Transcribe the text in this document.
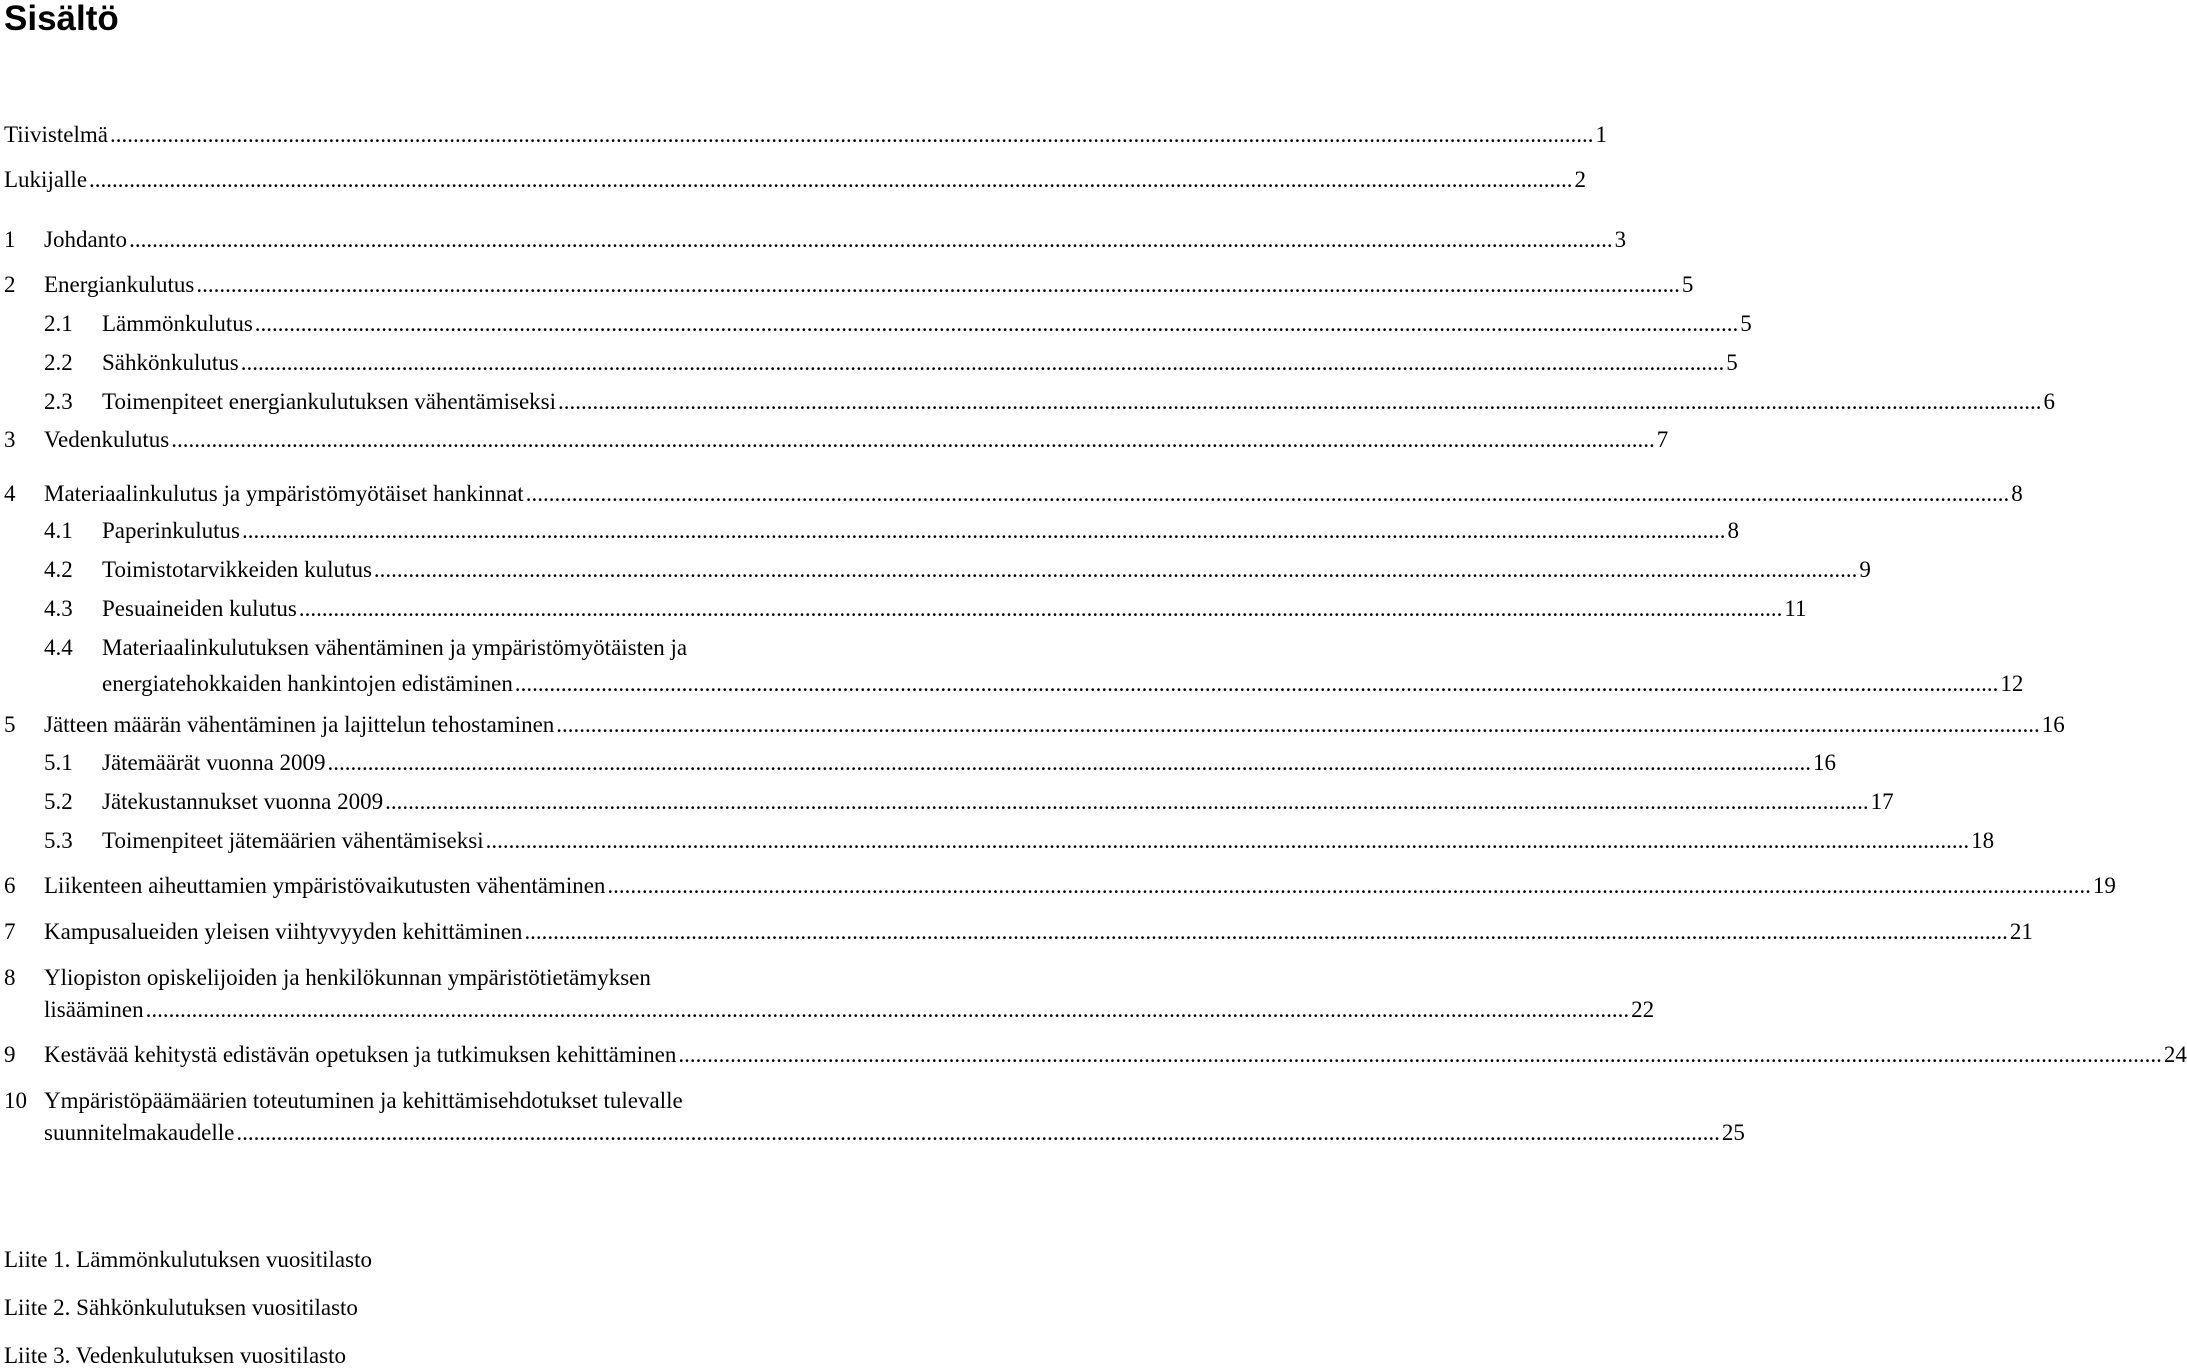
Sisältö
Tiivistelmä .................................................................................................................................................................................................................................................................. 1
Lukijalle .................................................................................................................................................................................................................................................................. 2
1 Johdanto .................................................................................................................................................................................................................................................................. 3
2 Energiankulutus .................................................................................................................................................................................................................................................................. 5
2.1 Lämmönkulutus .................................................................................................................................................................................................................................................................. 5
2.2 Sähkönkulutus .................................................................................................................................................................................................................................................................. 5
2.3 Toimenpiteet energiankulutuksen vähentämiseksi .................................................................................................................................................................................................................................................................. 6
3 Vedenkulutus .................................................................................................................................................................................................................................................................. 7
4 Materiaalinkulutus ja ympäristömyötäiset hankinnat .................................................................................................................................................................................................................................................................. 8
4.1 Paperinkulutus .................................................................................................................................................................................................................................................................. 8
4.2 Toimistotarvikkeiden kulutus .................................................................................................................................................................................................................................................................. 9
4.3 Pesuaineiden kulutus .................................................................................................................................................................................................................................................................. 11
4.4 Materiaalinkulutuksen vähentäminen ja ympäristömyötäisten ja
energiatehokkaiden hankintojen edistäminen .................................................................................................................................................................................................................................................................. 12
5 Jätteen määrän vähentäminen ja lajittelun tehostaminen .................................................................................................................................................................................................................................................................. 16
5.1 Jätemäärät vuonna 2009 .................................................................................................................................................................................................................................................................. 16
5.2 Jätekustannukset vuonna 2009 .................................................................................................................................................................................................................................................................. 17
5.3 Toimenpiteet jätemäärien vähentämiseksi .................................................................................................................................................................................................................................................................. 18
6 Liikenteen aiheuttamien ympäristövaikutusten vähentäminen .................................................................................................................................................................................................................................................................. 19
7 Kampusalueiden yleisen viihtyvyyden kehittäminen .................................................................................................................................................................................................................................................................. 21
8 Yliopiston opiskelijoiden ja henkilökunnan ympäristötietämyksen
lisääminen .................................................................................................................................................................................................................................................................. 22
9 Kestävää kehitystä edistävän opetuksen ja tutkimuksen kehittäminen .................................................................................................................................................................................................................................................................. 24
10 Ympäristöpäämäärien toteutuminen ja kehittämisehdotukset tulevalle
suunnitelmakaudelle .................................................................................................................................................................................................................................................................. 25
Liite 1. Lämmönkulutuksen vuositilasto
Liite 2. Sähkönkulutuksen vuositilasto
Liite 3. Vedenkulutuksen vuositilasto
